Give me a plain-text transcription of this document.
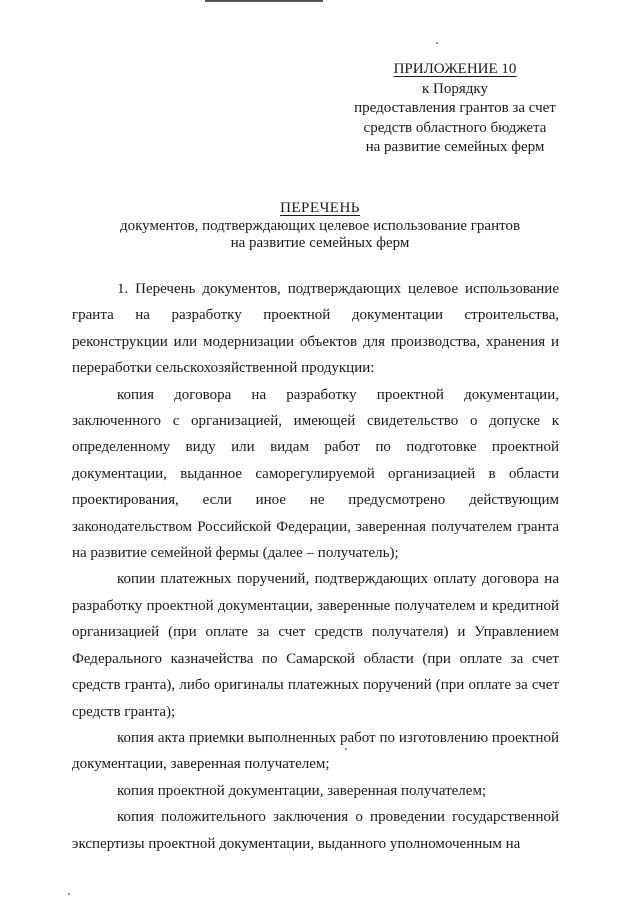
ПРИЛОЖЕНИЕ 10
к Порядку
предоставления грантов за счет
средств областного бюджета
на развитие семейных ферм
ПЕРЕЧЕНЬ
документов, подтверждающих целевое использование грантов
на развитие семейных ферм

1. Перечень документов, подтверждающих целевое использование гранта на разработку проектной документации строительства, реконструкции или модернизации объектов для производства, хранения и переработки сельскохозяйственной продукции:

копия договора на разработку проектной документации, заключенного с организацией, имеющей свидетельство о допуске к определенному виду или видам работ по подготовке проектной документации, выданное саморегулируемой организацией в области проектирования, если иное не предусмотрено действующим законодательством Российской Федерации, заверенная получателем гранта на развитие семейной фермы (далее – получатель);

копии платежных поручений, подтверждающих оплату договора на разработку проектной документации, заверенные получателем и кредитной организацией (при оплате за счет средств получателя) и Управлением Федерального казначейства по Самарской области (при оплате за счет средств гранта), либо оригиналы платежных поручений (при оплате за счет средств гранта);

копия акта приемки выполненных работ по изготовлению проектной документации, заверенная получателем;

копия проектной документации, заверенная получателем;

копия положительного заключения о проведении государственной экспертизы проектной документации, выданного уполномоченным на
